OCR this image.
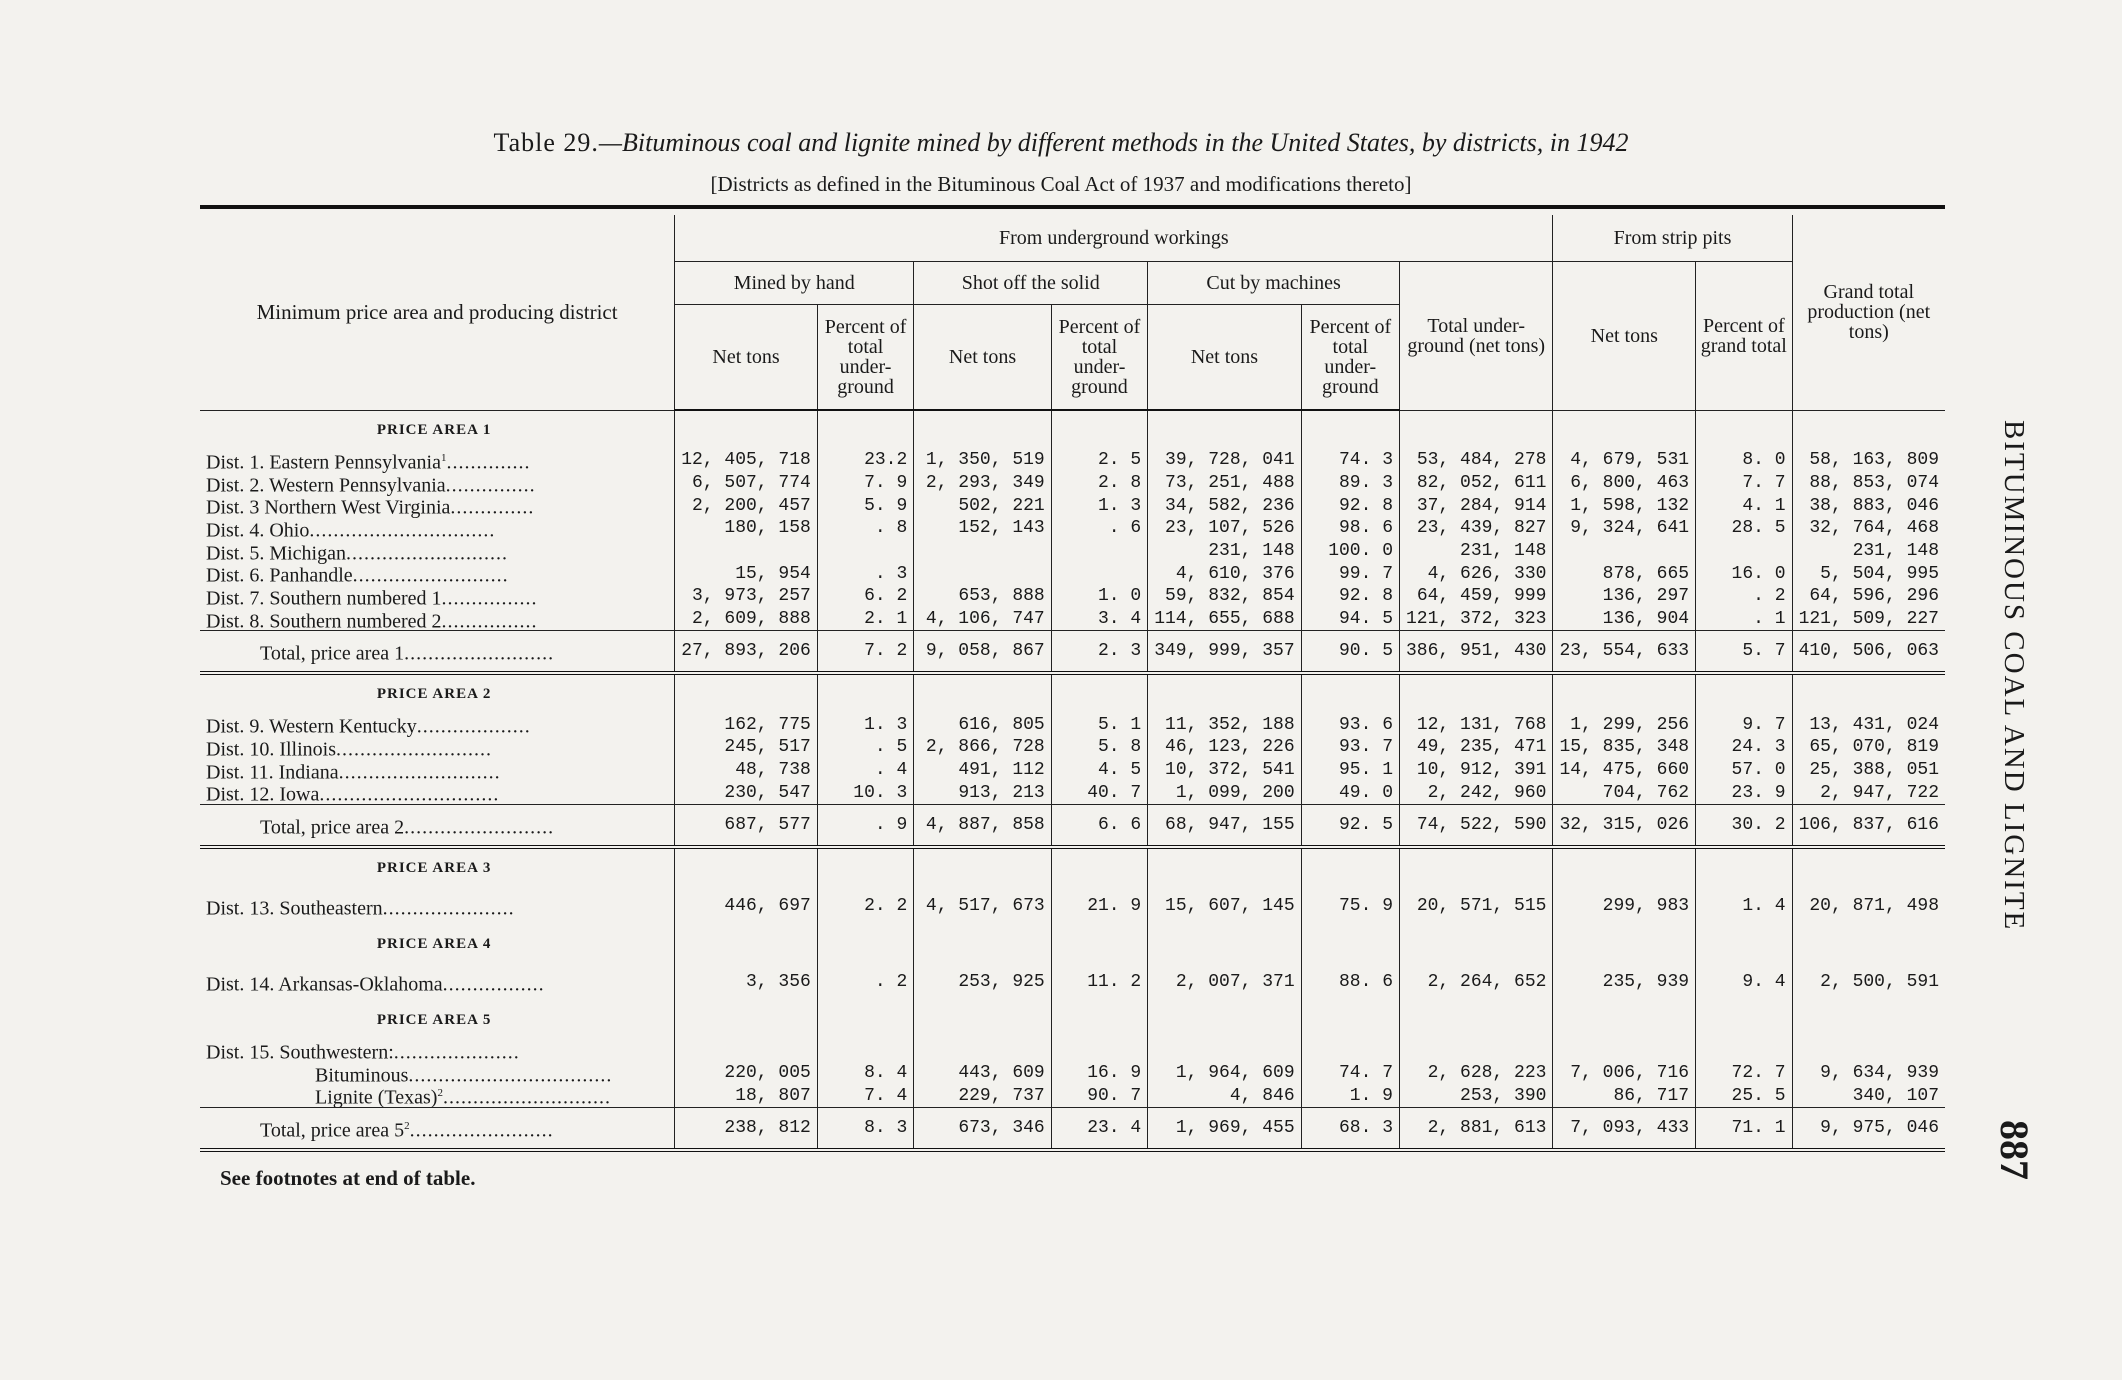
Table 29.—Bituminous coal and lignite mined by different methods in the United States, by districts, in 1942
[Districts as defined in the Bituminous Coal Act of 1937 and modifications thereto]

Minimum price area and producing district	From underground workings							From strip pits		Grand total production (net tons)
	Mined by hand		Shot off the solid		Cut by machines		Total under-ground (net tons)	Net tons	Percent of grand total	
	Net tons	Percent of total under-ground	Net tons	Percent of total under-ground	Net tons	Percent of total under-ground				
PRICE AREA 1										
Dist. 1. Eastern Pennsylvania$^1$..............	12, 405, 718	23.2	1, 350, 519	2. 5	39, 728, 041	74. 3	53, 484, 278	4, 679, 531	8. 0	58, 163, 809
Dist. 2. Western Pennsylvania...............	6, 507, 774	7. 9	2, 293, 349	2. 8	73, 251, 488	89. 3	82, 052, 611	6, 800, 463	7. 7	88, 853, 074
Dist. 3 Northern West Virginia..............	2, 200, 457	5. 9	502, 221	1. 3	34, 582, 236	92. 8	37, 284, 914	1, 598, 132	4. 1	38, 883, 046
Dist. 4. Ohio...............................	180, 158	. 8	152, 143	. 6	23, 107, 526	98. 6	23, 439, 827	9, 324, 641	28. 5	32, 764, 468
Dist. 5. Michigan...........................					231, 148	100. 0	231, 148			231, 148
Dist. 6. Panhandle..........................	15, 954	. 3			4, 610, 376	99. 7	4, 626, 330	878, 665	16. 0	5, 504, 995
Dist. 7. Southern numbered 1................	3, 973, 257	6. 2	653, 888	1. 0	59, 832, 854	92. 8	64, 459, 999	136, 297	. 2	64, 596, 296
Dist. 8. Southern numbered 2................	2, 609, 888	2. 1	4, 106, 747	3. 4	114, 655, 688	94. 5	121, 372, 323	136, 904	. 1	121, 509, 227
Total, price area 1.........................	27, 893, 206	7. 2	9, 058, 867	2. 3	349, 999, 357	90. 5	386, 951, 430	23, 554, 633	5. 7	410, 506, 063
PRICE AREA 2										
Dist. 9. Western Kentucky...................	162, 775	1. 3	616, 805	5. 1	11, 352, 188	93. 6	12, 131, 768	1, 299, 256	9. 7	13, 431, 024
Dist. 10. Illinois..........................	245, 517	. 5	2, 866, 728	5. 8	46, 123, 226	93. 7	49, 235, 471	15, 835, 348	24. 3	65, 070, 819
Dist. 11. Indiana...........................	48, 738	. 4	491, 112	4. 5	10, 372, 541	95. 1	10, 912, 391	14, 475, 660	57. 0	25, 388, 051
Dist. 12. Iowa..............................	230, 547	10. 3	913, 213	40. 7	1, 099, 200	49. 0	2, 242, 960	704, 762	23. 9	2, 947, 722
Total, price area 2.........................	687, 577	. 9	4, 887, 858	6. 6	68, 947, 155	92. 5	74, 522, 590	32, 315, 026	30. 2	106, 837, 616
PRICE AREA 3										
Dist. 13. Southeastern......................	446, 697	2. 2	4, 517, 673	21. 9	15, 607, 145	75. 9	20, 571, 515	299, 983	1. 4	20, 871, 498
PRICE AREA 4										
Dist. 14. Arkansas-Oklahoma.................	3, 356	. 2	253, 925	11. 2	2, 007, 371	88. 6	2, 264, 652	235, 939	9. 4	2, 500, 591
PRICE AREA 5										
Dist. 15. Southwestern:.....................										
Bituminous..................................	220, 005	8. 4	443, 609	16. 9	1, 964, 609	74. 7	2, 628, 223	7, 006, 716	72. 7	9, 634, 939
Lignite (Texas)$^2$............................	18, 807	7. 4	229, 737	90. 7	4, 846	1. 9	253, 390	86, 717	25. 5	340, 107
Total, price area $5^2$........................	238, 812	8. 3	673, 346	23. 4	1, 969, 455	68. 3	2, 881, 613	7, 093, 433	71. 1	9, 975, 046
See footnotes at end of table.
BITUMINOUS COAL AND LIGNITE
887
